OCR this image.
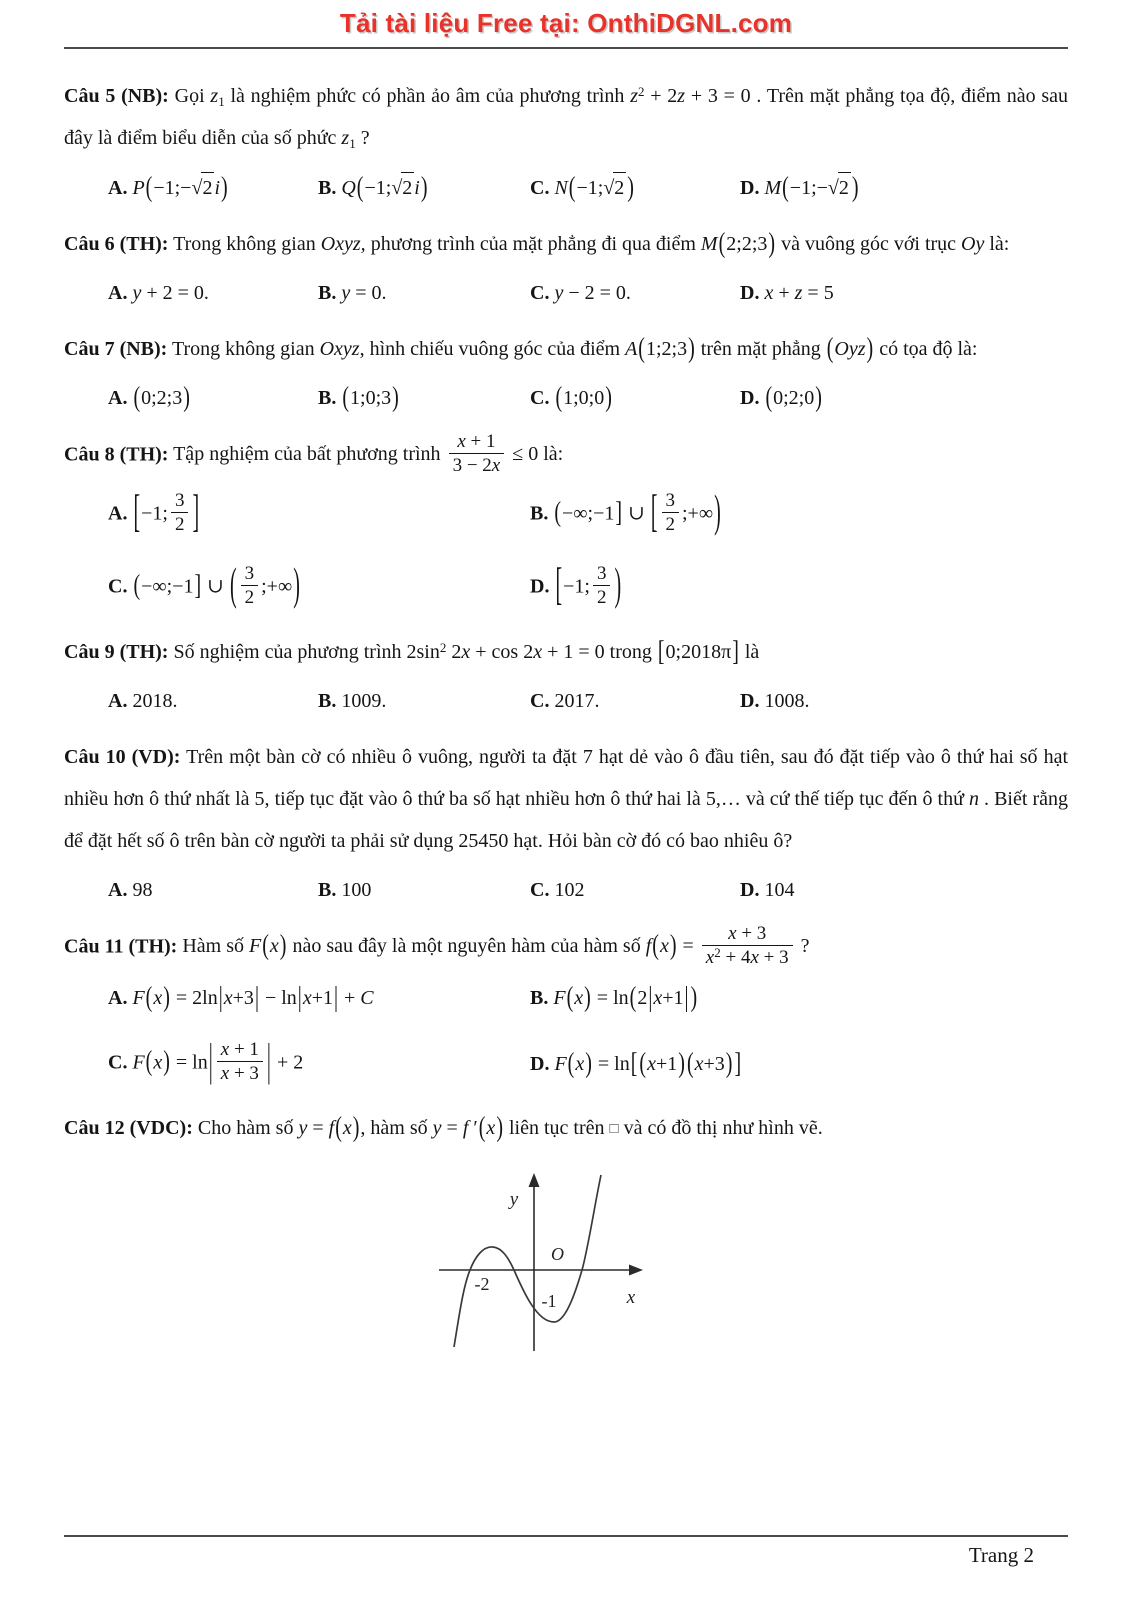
Tải tài liệu Free tại: OnthiDGNL.com

Câu 5 (NB): Gọi $z_1$ là nghiệm phức có phần ảo âm của phương trình $z^2 + 2z + 3 = 0$ . Trên mặt phẳng tọa độ, điểm nào sau đây là điểm biểu diễn của số phức $z_1$ ?

A. P(−1;−√2 i)	B. Q(−1;√2 i)	C. N(−1;√2 )	D. M(−1;−√2 )

Câu 6 (TH): Trong không gian Oxyz, phương trình của mặt phẳng đi qua điểm M(2;2;3) và vuông góc với trục Oy là:

A. y + 2 = 0.	B. y = 0.	C. y − 2 = 0.	D. x + z = 5

Câu 7 (NB): Trong không gian Oxyz, hình chiếu vuông góc của điểm A(1;2;3) trên mặt phẳng (Oyz) có tọa độ là:

A. (0;2;3)	B. (1;0;3)	C. (1;0;0)	D. (0;2;0)

Câu 8 (TH): Tập nghiệm của bất phương trình $\frac{x + 1}{3 - 2x} \le 0$ là:

A. [−1; $\frac{3}{2}$ ]	B. (−∞;−1] ∪ [ $\frac{3}{2}$ ;+∞)
C. (−∞;−1] ∪ ( $\frac{3}{2}$ ;+∞)	D. [−1; $\frac{3}{2}$ )

Câu 9 (TH): Số nghiệm của phương trình $2\sin^2$ 2x + cos 2x + 1 = 0 trong [0;2018π] là

A. 2018.	B. 1009.	C. 2017.	D. 1008.

Câu 10 (VD): Trên một bàn cờ có nhiều ô vuông, người ta đặt 7 hạt dẻ vào ô đầu tiên, sau đó đặt tiếp vào ô thứ hai số hạt nhiều hơn ô thứ nhất là 5, tiếp tục đặt vào ô thứ ba số hạt nhiều hơn ô thứ hai là 5,… và cứ thế tiếp tục đến ô thứ n . Biết rằng để đặt hết số ô trên bàn cờ người ta phải sử dụng 25450 hạt. Hỏi bàn cờ đó có bao nhiêu ô?

A. 98	B. 100	C. 102	D. 104

Câu 11 (TH): Hàm số F(x) nào sau đây là một nguyên hàm của hàm số $f(x) = \frac{x + 3}{x^2 + 4x + 3}$ ?

A. F(x) = 2ln|x+3| − ln|x+1| + C	B. F(x) = ln(2|x+1| )
C. $F(x) = \ln| \frac{x + 1}{x + 3}$ | + 2	D. F(x) = ln[ (x+1) (x+3) ]

Câu 12 (VDC): Cho hàm số y = f(x), hàm số y = f ′(x) liên tục trên □ và có đồ thị như hình vẽ.

y
O
x
-2
-1
Trang 2
